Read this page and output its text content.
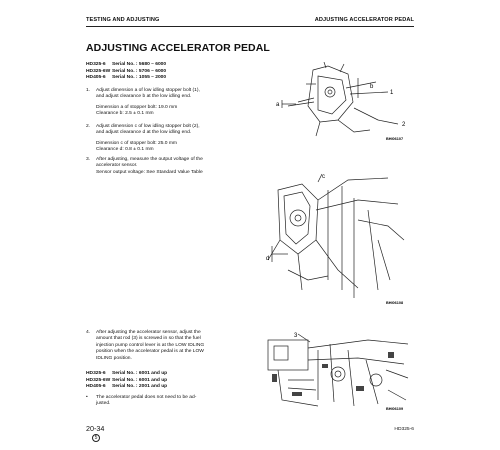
TESTING AND ADJUSTING	ADJUSTING ACCELERATOR PEDAL
ADJUSTING ACCELERATOR PEDAL
HD325-6 Serial No. : 5680 – 6000
HD325-6W Serial No. : 5706 – 6000
HD405-6 Serial No. : 1055 – 2000
1. Adjust dimension a of low idling stopper bolt (1),
and adjust clearance b at the low idling end.
Dimension a of stopper bolt: 19.0 mm
Clearance b: 2.5 ± 0.1 mm
2. Adjust dimension c of low idling stopper bolt (2),
and adjust clearance d at the low idling end.
Dimension c of stopper bolt: 25.0 mm
Clearance d: 0.8 ± 0.1 mm
3. After adjusting, measure the output voltage of the
accelerator sensor.
Sensor output voltage: See Standard Value Table
a
b
1
2
BHI06107
c
d
BHI06108
4. After adjusting the accelerator sensor, adjust the
amount that rod (3) is screwed in so that the fuel
injection pump control lever is at the LOW IDLING
position when the accelerator pedal is at the LOW
IDLING position.
HD325-6 Serial No. : 6001 and up
HD325-6W Serial No. : 6001 and up
HD405-6 Serial No. : 2001 and up
• The accelerator pedal does not need to be ad-
justed.
3
BHI06109
20-34
5
HD325-6
